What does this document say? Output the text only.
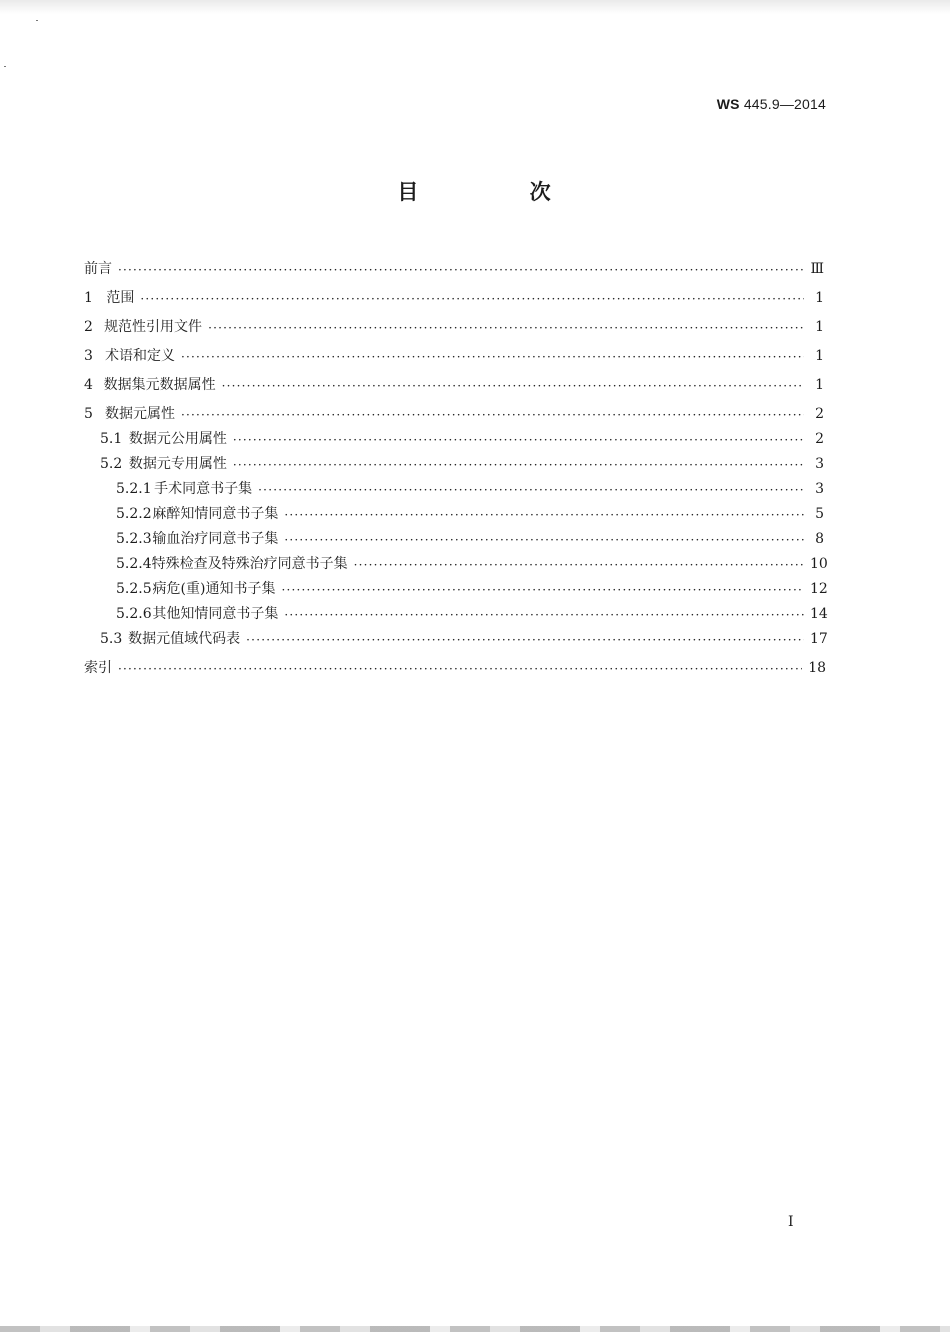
WS 445.9—2014
目 次
前言 ·····	Ⅲ
1 范围 ·····	1
2 规范性引用文件 ·····	1
3 术语和定义 ·····	1
4 数据集元数据属性 ·····	1
5 数据元属性 ·····	2
5.1 数据元公用属性 ·····	2
5.2 数据元专用属性 ·····	3
5.2.1 手术同意书子集 ·····	3
5.2.2 麻醉知情同意书子集 ·····	5
5.2.3 输血治疗同意书子集 ·····	8
5.2.4 特殊检查及特殊治疗同意书子集 ·····	10
5.2.5 病危(重)通知书子集 ·····	12
5.2.6 其他知情同意书子集 ·····	14
5.3 数据元值域代码表 ·····	17
索引 ·····	18
I
